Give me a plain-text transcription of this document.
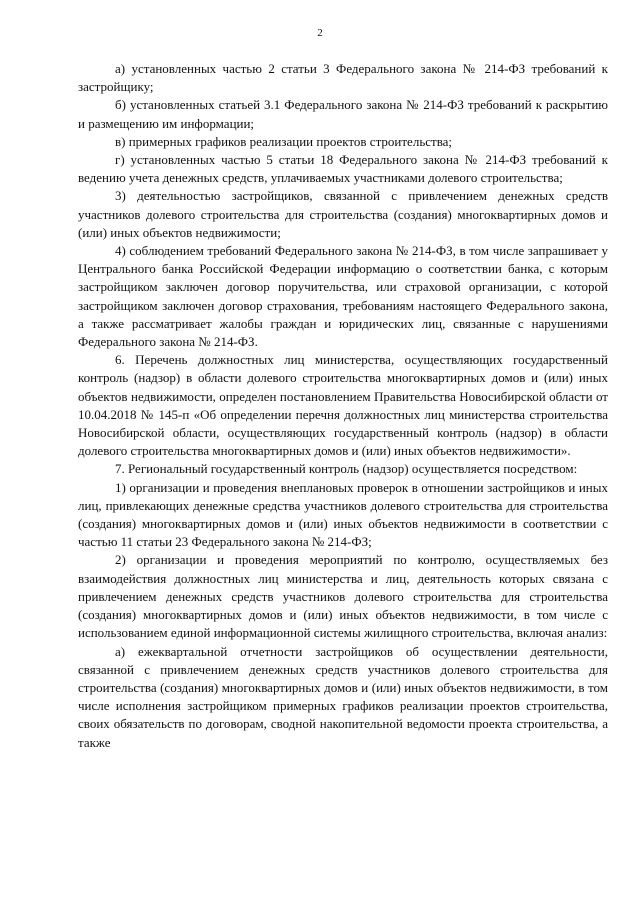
2

а) установленных частью 2 статьи 3 Федерального закона № 214-ФЗ требований к застройщику;

б) установленных статьей 3.1 Федерального закона № 214-ФЗ требований к раскрытию и размещению им информации;

в) примерных графиков реализации проектов строительства;

г) установленных частью 5 статьи 18 Федерального закона № 214-ФЗ требований к ведению учета денежных средств, уплачиваемых участниками долевого строительства;

3) деятельностью застройщиков, связанной с привлечением денежных средств участников долевого строительства для строительства (создания) многоквартирных домов и (или) иных объектов недвижимости;

4) соблюдением требований Федерального закона № 214-ФЗ, в том числе запрашивает у Центрального банка Российской Федерации информацию о соответствии банка, с которым застройщиком заключен договор поручительства, или страховой организации, с которой застройщиком заключен договор страхования, требованиям настоящего Федерального закона, а также рассматривает жалобы граждан и юридических лиц, связанные с нарушениями Федерального закона № 214-ФЗ.

6. Перечень должностных лиц министерства, осуществляющих государственный контроль (надзор) в области долевого строительства многоквартирных домов и (или) иных объектов недвижимости, определен постановлением Правительства Новосибирской области от 10.04.2018 № 145-п «Об определении перечня должностных лиц министерства строительства Новосибирской области, осуществляющих государственный контроль (надзор) в области долевого строительства многоквартирных домов и (или) иных объектов недвижимости».

7. Региональный государственный контроль (надзор) осуществляется посредством:

1) организации и проведения внеплановых проверок в отношении застройщиков и иных лиц, привлекающих денежные средства участников долевого строительства для строительства (создания) многоквартирных домов и (или) иных объектов недвижимости в соответствии с частью 11 статьи 23 Федерального закона № 214-ФЗ;

2) организации и проведения мероприятий по контролю, осуществляемых без взаимодействия должностных лиц министерства и лиц, деятельность которых связана с привлечением денежных средств участников долевого строительства для строительства (создания) многоквартирных домов и (или) иных объектов недвижимости, в том числе с использованием единой информационной системы жилищного строительства, включая анализ:

а) ежеквартальной отчетности застройщиков об осуществлении деятельности, связанной с привлечением денежных средств участников долевого строительства для строительства (создания) многоквартирных домов и (или) иных объектов недвижимости, в том числе исполнения застройщиком примерных графиков реализации проектов строительства, своих обязательств по договорам, сводной накопительной ведомости проекта строительства, а также
